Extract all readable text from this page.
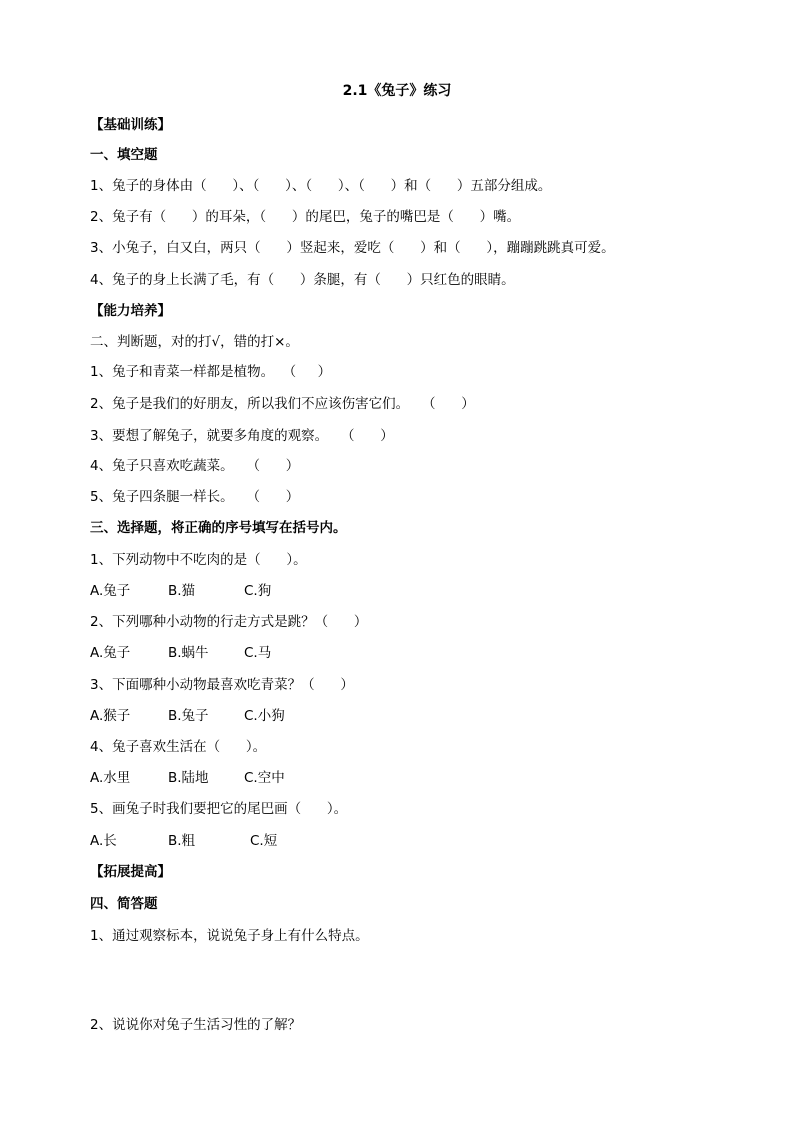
2.1《兔子》练习
【基础训练】
一、填空题
1、兔子的身体由（      ）、（      ）、（      ）、（      ）和（      ）五部分组成。
2、兔子有（      ）的耳朵，（      ）的尾巴，兔子的嘴巴是（      ）嘴。
3、小兔子，白又白，两只（      ）竖起来，爱吃（      ）和（      ），蹦蹦跳跳真可爱。
4、兔子的身上长满了毛，有（      ）条腿，有（      ）只红色的眼睛。
【能力培养】
二、判断题，对的打√，错的打×。
1、兔子和青菜一样都是植物。  （     ）
2、兔子是我们的好朋友，所以我们不应该伤害它们。   （      ）
3、要想了解兔子，就要多角度的观察。   （      ）
4、兔子只喜欢吃蔬菜。   （      ）
5、兔子四条腿一样长。   （      ）
三、选择题，将正确的序号填写在括号内。
1、下列动物中不吃肉的是（      ）。
A.兔子	B.猫	C.狗
2、下列哪种小动物的行走方式是跳？（      ）
A.兔子	B.蜗牛	C.马
3、下面哪种小动物最喜欢吃青菜？（      ）
A.猴子	B.兔子	C.小狗
4、兔子喜欢生活在（      ）。
A.水里	B.陆地	C.空中
5、画兔子时我们要把它的尾巴画（      ）。
A.长	B.粗	C.短
【拓展提高】
四、简答题
1、通过观察标本，说说兔子身上有什么特点。
2、说说你对兔子生活习性的了解？
